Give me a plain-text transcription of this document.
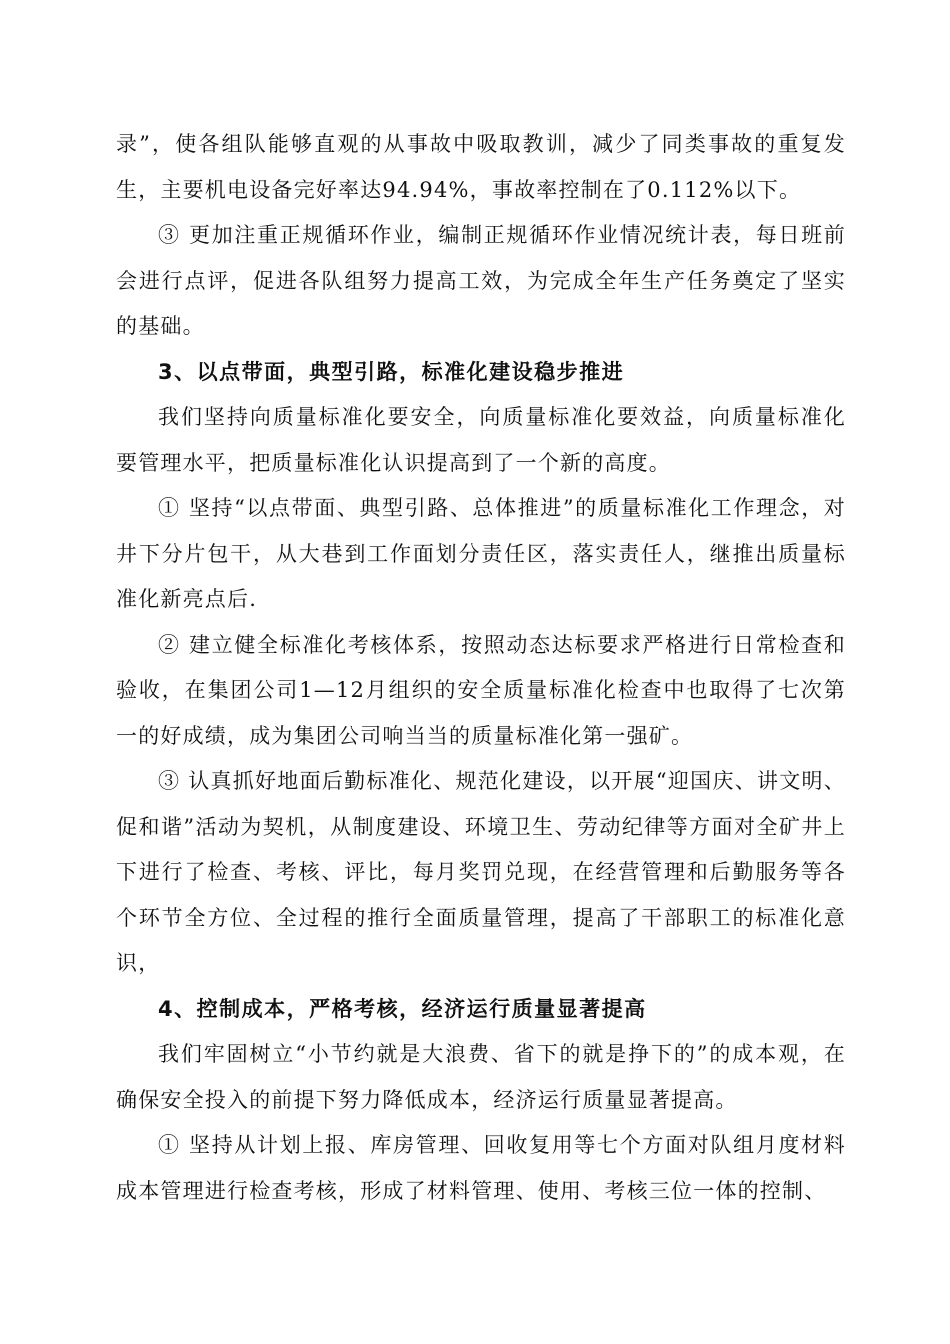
录”，使各组队能够直观的从事故中吸取教训，减少了同类事故的重复发生，主要机电设备完好率达94.94%，事故率控制在了0.112%以下。

③ 更加注重正规循环作业，编制正规循环作业情况统计表，每日班前会进行点评，促进各队组努力提高工效，为完成全年生产任务奠定了坚实的基础。

3、以点带面，典型引路，标准化建设稳步推进

我们坚持向质量标准化要安全，向质量标准化要效益，向质量标准化要管理水平，把质量标准化认识提高到了一个新的高度。

① 坚持“以点带面、典型引路、总体推进”的质量标准化工作理念，对井下分片包干，从大巷到工作面划分责任区，落实责任人，继推出质量标准化新亮点后.

② 建立健全标准化考核体系，按照动态达标要求严格进行日常检查和验收，在集团公司1—12月组织的安全质量标准化检查中也取得了七次第一的好成绩，成为集团公司响当当的质量标准化第一强矿。

③ 认真抓好地面后勤标准化、规范化建设，以开展“迎国庆、讲文明、促和谐”活动为契机，从制度建设、环境卫生、劳动纪律等方面对全矿井上下进行了检查、考核、评比，每月奖罚兑现，在经营管理和后勤服务等各个环节全方位、全过程的推行全面质量管理，提高了干部职工的标准化意识，

4、控制成本，严格考核，经济运行质量显著提高

我们牢固树立“小节约就是大浪费、省下的就是挣下的”的成本观，在确保安全投入的前提下努力降低成本，经济运行质量显著提高。

① 坚持从计划上报、库房管理、回收复用等七个方面对队组月度材料成本管理进行检查考核，形成了材料管理、使用、考核三位一体的控制、
